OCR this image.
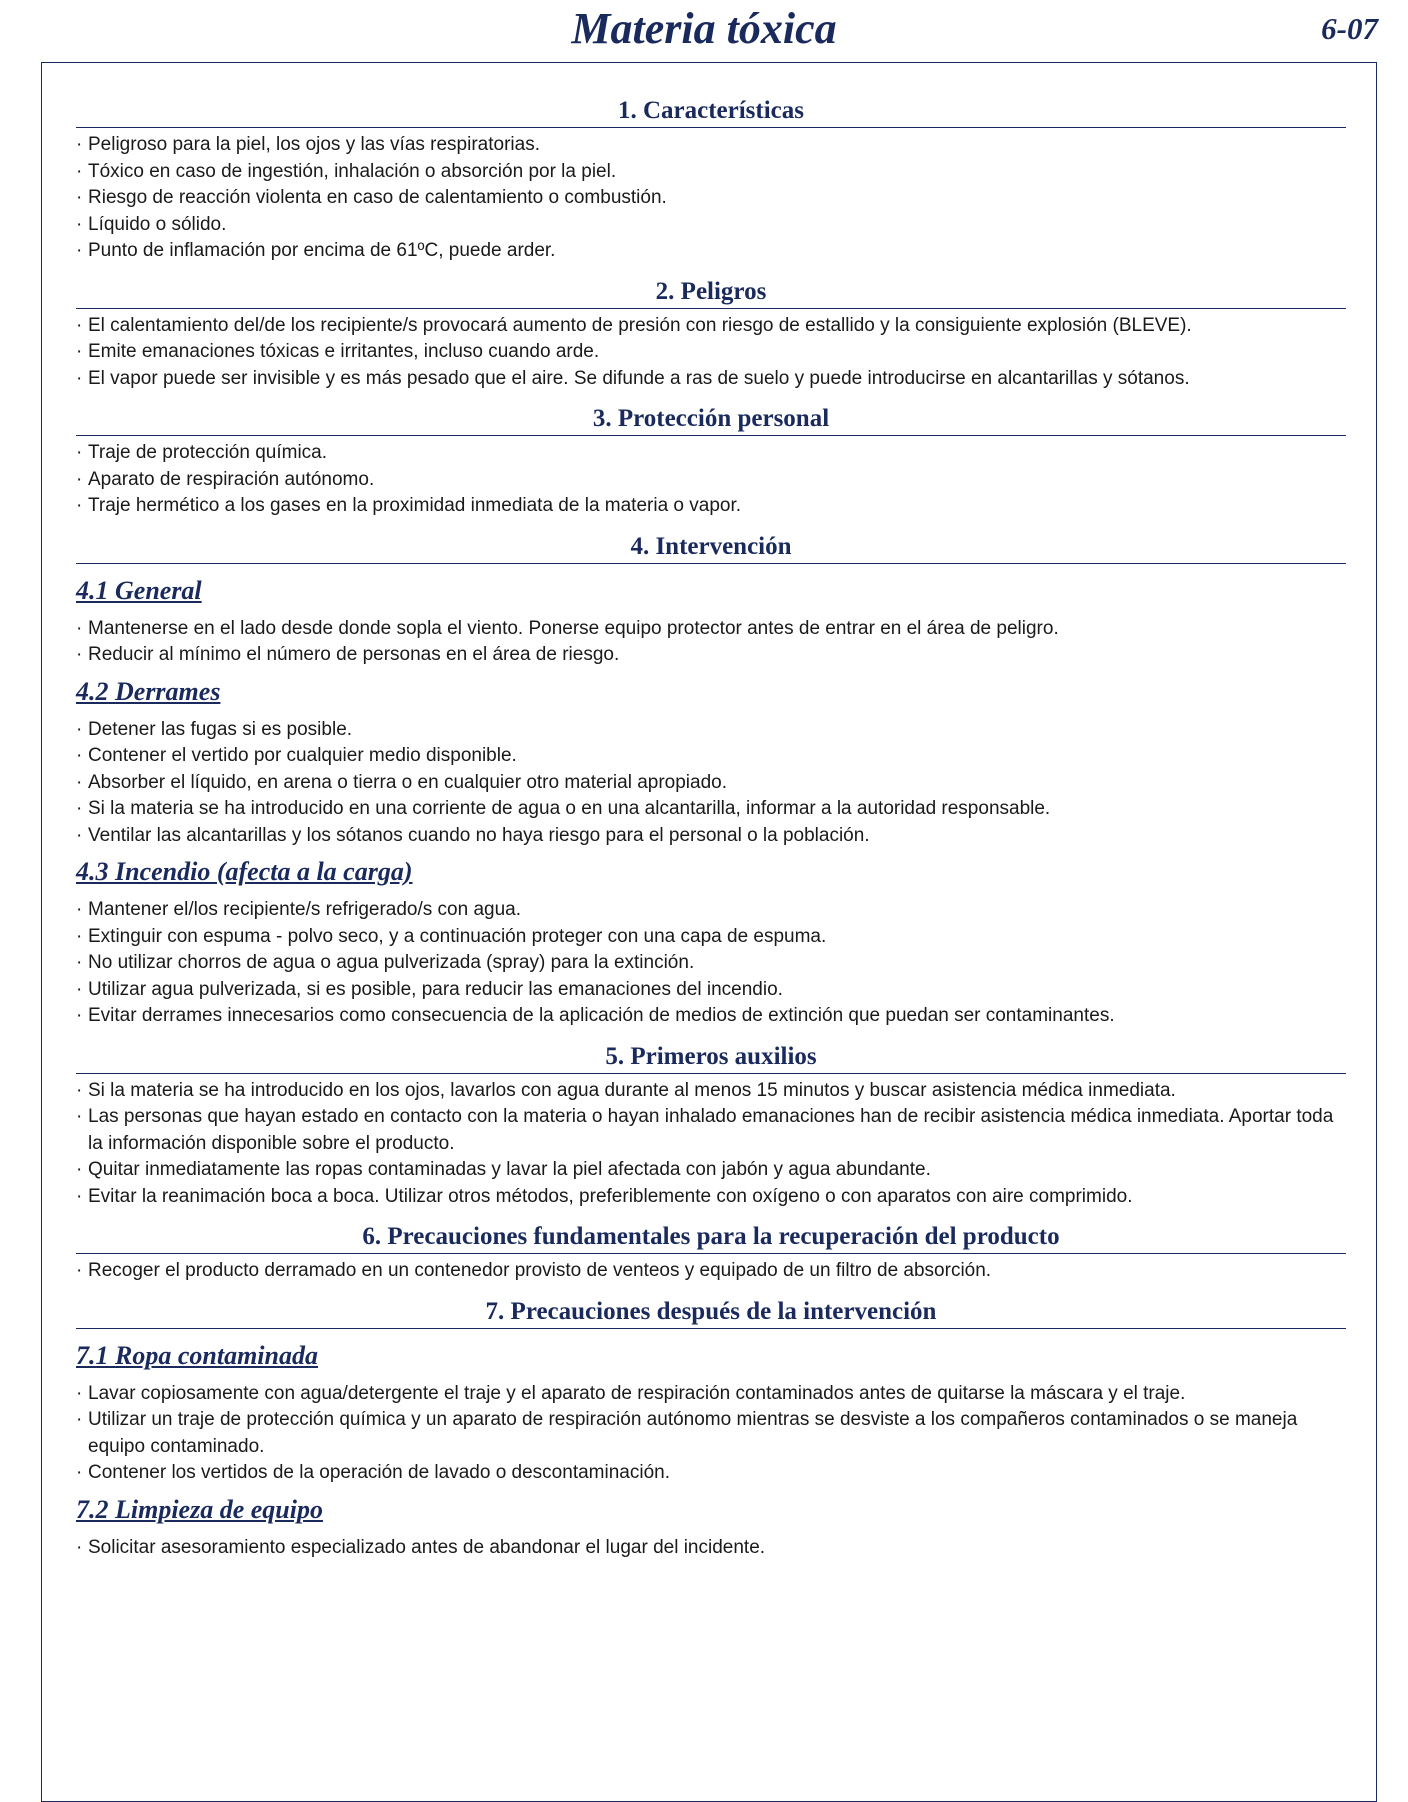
Materia tóxica	6-07
1. Características
· Peligroso para la piel, los ojos y las vías respiratorias.
· Tóxico en caso de ingestión, inhalación o absorción por la piel.
· Riesgo de reacción violenta en caso de calentamiento o combustión.
· Líquido o sólido.
· Punto de inflamación por encima de 61ºC, puede arder.
2. Peligros
· El calentamiento del/de los recipiente/s provocará aumento de presión con riesgo de estallido y la consiguiente explosión (BLEVE).
· Emite emanaciones tóxicas e irritantes, incluso cuando arde.
· El vapor puede ser invisible y es más pesado que el aire. Se difunde a ras de suelo y puede introducirse en alcantarillas y sótanos.
3. Protección personal
· Traje de protección química.
· Aparato de respiración autónomo.
· Traje hermético a los gases en la proximidad inmediata de la materia o vapor.
4. Intervención
4.1 General
· Mantenerse en el lado desde donde sopla el viento. Ponerse equipo protector antes de entrar en el área de peligro.
· Reducir al mínimo el número de personas en el área de riesgo.
4.2 Derrames
· Detener las fugas si es posible.
· Contener el vertido por cualquier medio disponible.
· Absorber el líquido, en arena o tierra o en cualquier otro material apropiado.
· Si la materia se ha introducido en una corriente de agua o en una alcantarilla, informar a la autoridad responsable.
· Ventilar las alcantarillas y los sótanos cuando no haya riesgo para el personal o la población.
4.3 Incendio (afecta a la carga)
· Mantener el/los recipiente/s refrigerado/s con agua.
· Extinguir con espuma - polvo seco, y a continuación proteger con una capa de espuma.
· No utilizar chorros de agua o agua pulverizada (spray) para la extinción.
· Utilizar agua pulverizada, si es posible, para reducir las emanaciones del incendio.
· Evitar derrames innecesarios como consecuencia de la aplicación de medios de extinción que puedan ser contaminantes.
5. Primeros auxilios
· Si la materia se ha introducido en los ojos, lavarlos con agua durante al menos 15 minutos y buscar asistencia médica inmediata.
· Las personas que hayan estado en contacto con la materia o hayan inhalado emanaciones han de recibir asistencia médica inmediata. Aportar toda la información disponible sobre el producto.
· Quitar inmediatamente las ropas contaminadas y lavar la piel afectada con jabón y agua abundante.
· Evitar la reanimación boca a boca. Utilizar otros métodos, preferiblemente con oxígeno o con aparatos con aire comprimido.
6. Precauciones fundamentales para la recuperación del producto
· Recoger el producto derramado en un contenedor provisto de venteos y equipado de un filtro de absorción.
7. Precauciones después de la intervención
7.1 Ropa contaminada
· Lavar copiosamente con agua/detergente el traje y el aparato de respiración contaminados antes de quitarse la máscara y el traje.
· Utilizar un traje de protección química y un aparato de respiración autónomo mientras se desviste a los compañeros contaminados o se maneja equipo contaminado.
· Contener los vertidos de la operación de lavado o descontaminación.
7.2 Limpieza de equipo
· Solicitar asesoramiento especializado antes de abandonar el lugar del incidente.
